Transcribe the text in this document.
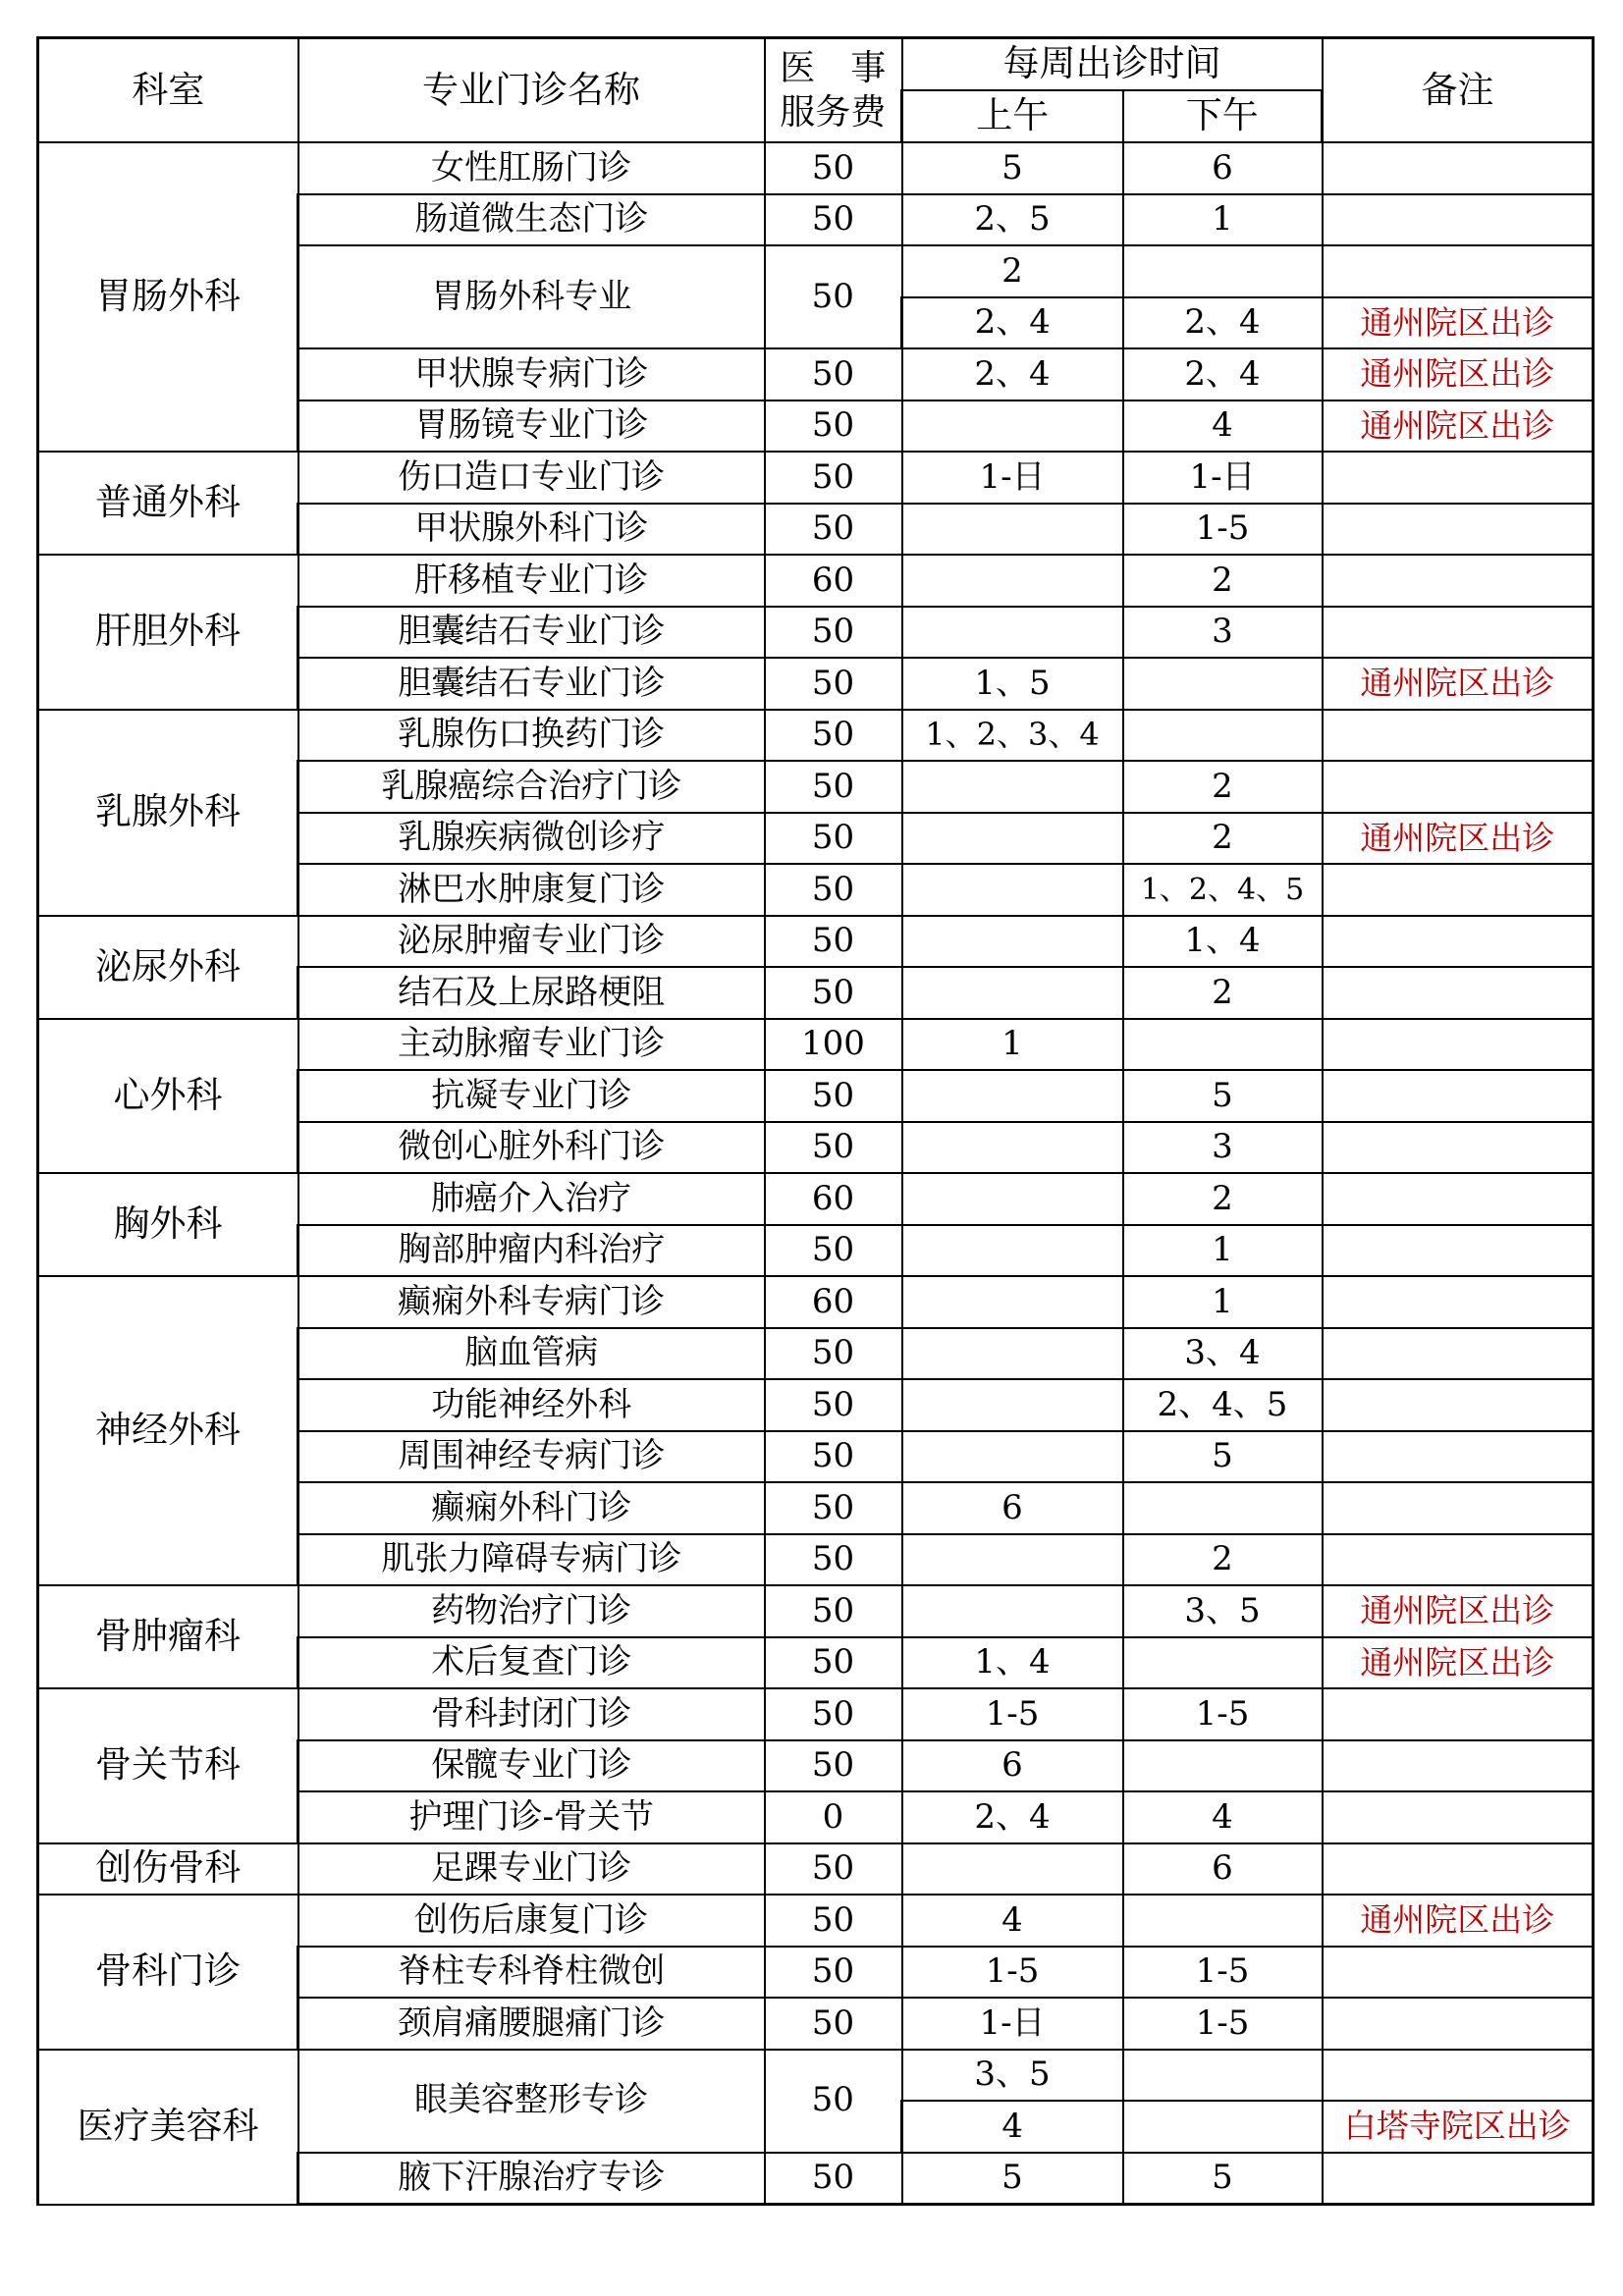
科室	专业门诊名称	医　事
服务费	每周出诊时间		备注
			上午	下午	
胃肠外科	女性肛肠门诊	50	5	6	
	肠道微生态门诊	50	2、5	1	
	胃肠外科专业	50	2		
			2、4	2、4	通州院区出诊
	甲状腺专病门诊	50	2、4	2、4	通州院区出诊
	胃肠镜专业门诊	50		4	通州院区出诊
普通外科	伤口造口专业门诊	50	1-日	1-日	
	甲状腺外科门诊	50		1-5	
肝胆外科	肝移植专业门诊	60		2	
	胆囊结石专业门诊	50		3	
	胆囊结石专业门诊	50	1、5		通州院区出诊
乳腺外科	乳腺伤口换药门诊	50	1、2、3、4		
	乳腺癌综合治疗门诊	50		2	
	乳腺疾病微创诊疗	50		2	通州院区出诊
	淋巴水肿康复门诊	50		1、2、4、5	
泌尿外科	泌尿肿瘤专业门诊	50		1、4	
	结石及上尿路梗阻	50		2	
心外科	主动脉瘤专业门诊	100	1		
	抗凝专业门诊	50		5	
	微创心脏外科门诊	50		3	
胸外科	肺癌介入治疗	60		2	
	胸部肿瘤内科治疗	50		1	
神经外科	癫痫外科专病门诊	60		1	
	脑血管病	50		3、4	
	功能神经外科	50		2、4、5	
	周围神经专病门诊	50		5	
	癫痫外科门诊	50	6		
	肌张力障碍专病门诊	50		2	
骨肿瘤科	药物治疗门诊	50		3、5	通州院区出诊
	术后复查门诊	50	1、4		通州院区出诊
骨关节科	骨科封闭门诊	50	1-5	1-5	
	保髋专业门诊	50	6		
	护理门诊-骨关节	0	2、4	4	
创伤骨科	足踝专业门诊	50		6	
骨科门诊	创伤后康复门诊	50	4		通州院区出诊
	脊柱专科脊柱微创	50	1-5	1-5	
	颈肩痛腰腿痛门诊	50	1-日	1-5	
医疗美容科	眼美容整形专诊	50	3、5		
			4		白塔寺院区出诊
	腋下汗腺治疗专诊	50	5	5	
